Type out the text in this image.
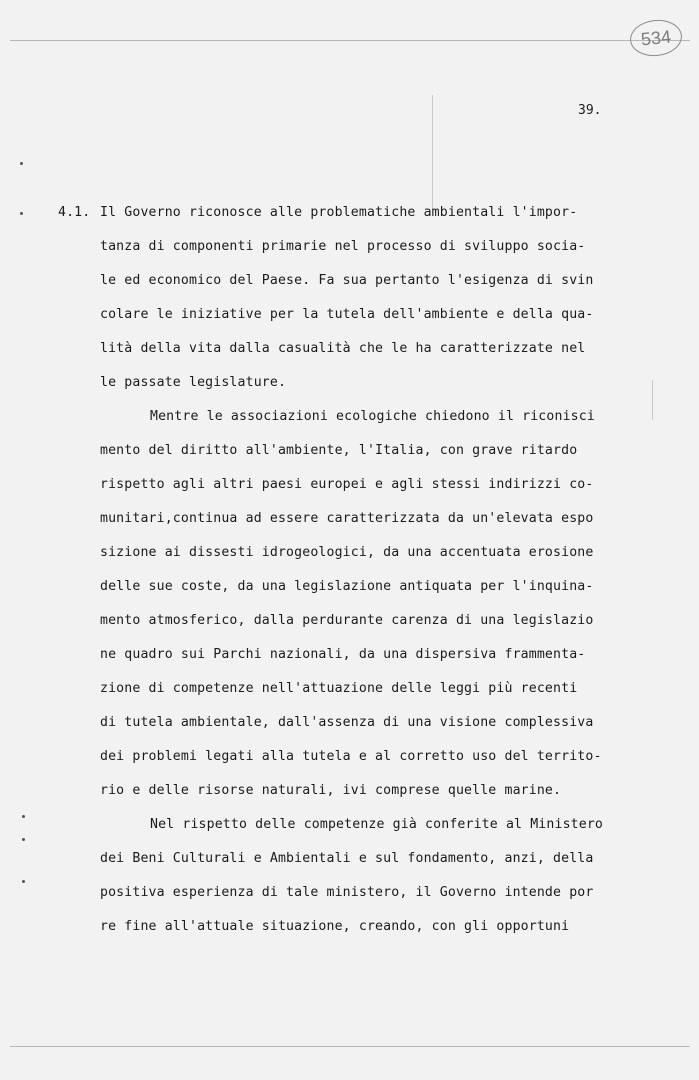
534
39.
4.1. Il Governo riconosce alle problematiche ambientali l'impor-
tanza di componenti primarie nel processo di sviluppo socia-
le ed economico del Paese. Fa sua pertanto l'esigenza di svin
colare le iniziative per la tutela dell'ambiente e della qua-
lità della vita dalla casualità che le ha caratterizzate nel
le passate legislature.
Mentre le associazioni ecologiche chiedono il riconisci
mento del diritto all'ambiente, l'Italia, con grave ritardo
rispetto agli altri paesi europei e agli stessi indirizzi co-
munitari,continua ad essere caratterizzata da un'elevata espo
sizione ai dissesti idrogeologici, da una accentuata erosione
delle sue coste, da una legislazione antiquata per l'inquina-
mento atmosferico, dalla perdurante carenza di una legislazio
ne quadro sui Parchi nazionali, da una dispersiva frammenta-
zione di competenze nell'attuazione delle leggi più recenti
di tutela ambientale, dall'assenza di una visione complessiva
dei problemi legati alla tutela e al corretto uso del territo-
rio e delle risorse naturali, ivi comprese quelle marine.
Nel rispetto delle competenze già conferite al Ministero
dei Beni Culturali e Ambientali e sul fondamento, anzi, della
positiva esperienza di tale ministero, il Governo intende por
re fine all'attuale situazione, creando, con gli opportuni
